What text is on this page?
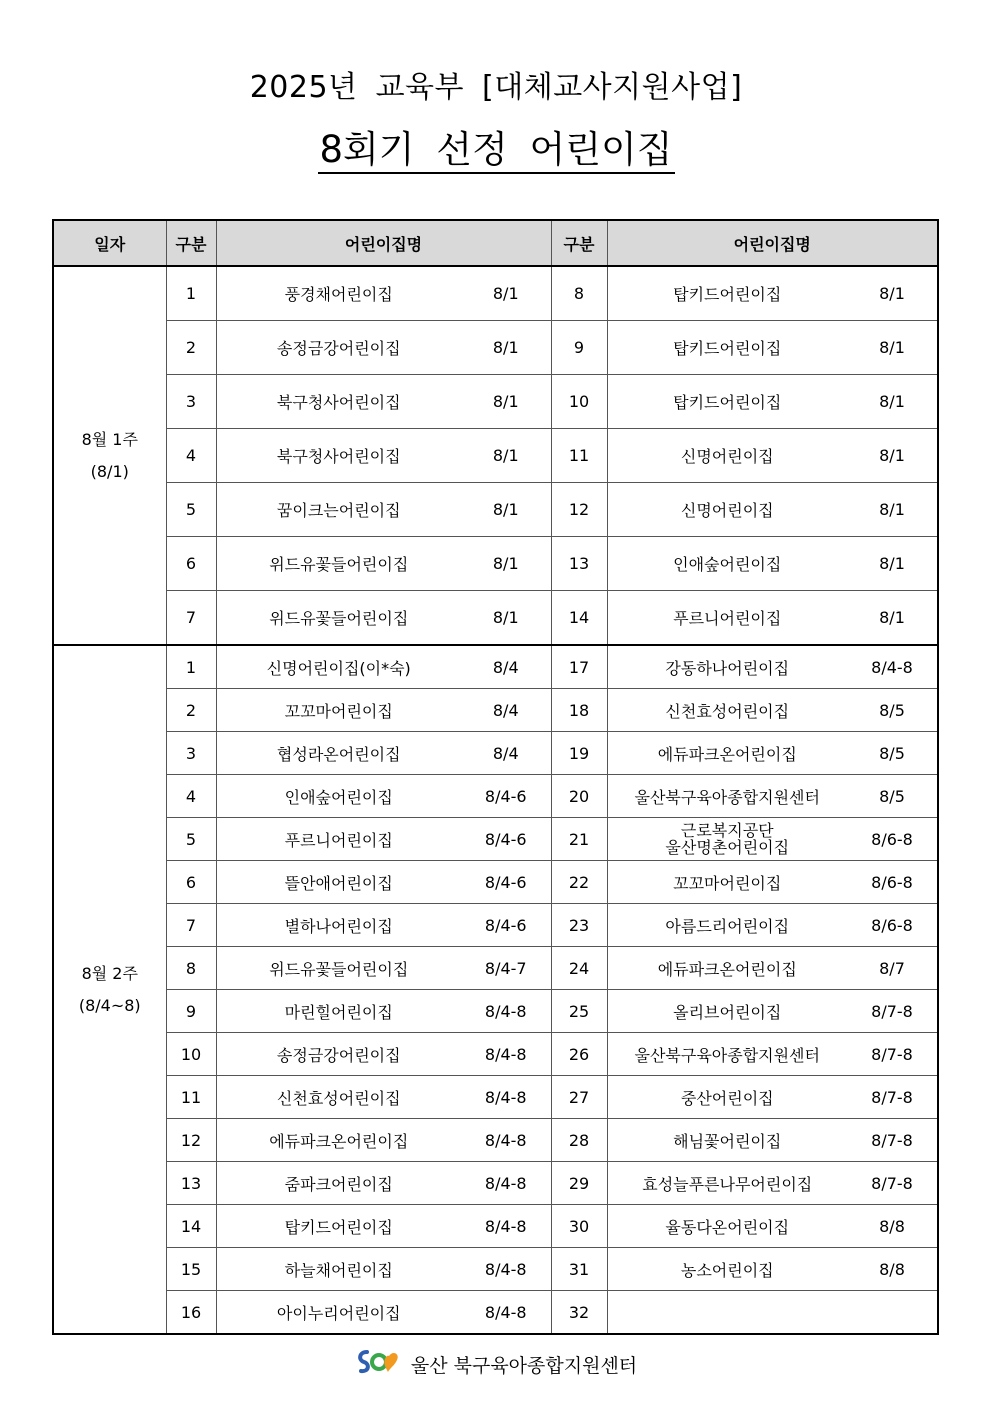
2025년 교육부 [대체교사지원사업]
8회기 선정 어린이집
일자	구분	어린이집명		구분	어린이집명	

8월 1주
(8/1)	1	풍경채어린이집	8/1	8	탑키드어린이집	8/1
	2	송정금강어린이집	8/1	9	탑키드어린이집	8/1
	3	북구청사어린이집	8/1	10	탑키드어린이집	8/1
	4	북구청사어린이집	8/1	11	신명어린이집	8/1
	5	꿈이크는어린이집	8/1	12	신명어린이집	8/1
	6	위드유꽃들어린이집	8/1	13	인애숲어린이집	8/1
	7	위드유꽃들어린이집	8/1	14	푸르니어린이집	8/1

8월 2주
(8/4~8)	1	신명어린이집(이*숙)	8/4	17	강동하나어린이집	8/4-8
	2	꼬꼬마어린이집	8/4	18	신천효성어린이집	8/5
	3	협성라온어린이집	8/4	19	에듀파크온어린이집	8/5
	4	인애숲어린이집	8/4-6	20	울산북구육아종합지원센터	8/5
	5	푸르니어린이집	8/4-6	21	근로복지공단
울산명촌어린이집	8/6-8
	6	뜰안애어린이집	8/4-6	22	꼬꼬마어린이집	8/6-8
	7	별하나어린이집	8/4-6	23	아름드리어린이집	8/6-8
	8	위드유꽃들어린이집	8/4-7	24	에듀파크온어린이집	8/7
	9	마린힐어린이집	8/4-8	25	올리브어린이집	8/7-8
	10	송정금강어린이집	8/4-8	26	울산북구육아종합지원센터	8/7-8
	11	신천효성어린이집	8/4-8	27	중산어린이집	8/7-8
	12	에듀파크온어린이집	8/4-8	28	해님꽃어린이집	8/7-8
	13	줌파크어린이집	8/4-8	29	효성늘푸른나무어린이집	8/7-8
	14	탑키드어린이집	8/4-8	30	율동다온어린이집	8/8
	15	하늘채어린이집	8/4-8	31	농소어린이집	8/8
	16	아이누리어린이집	8/4-8	32		
울산 북구육아종합지원센터
